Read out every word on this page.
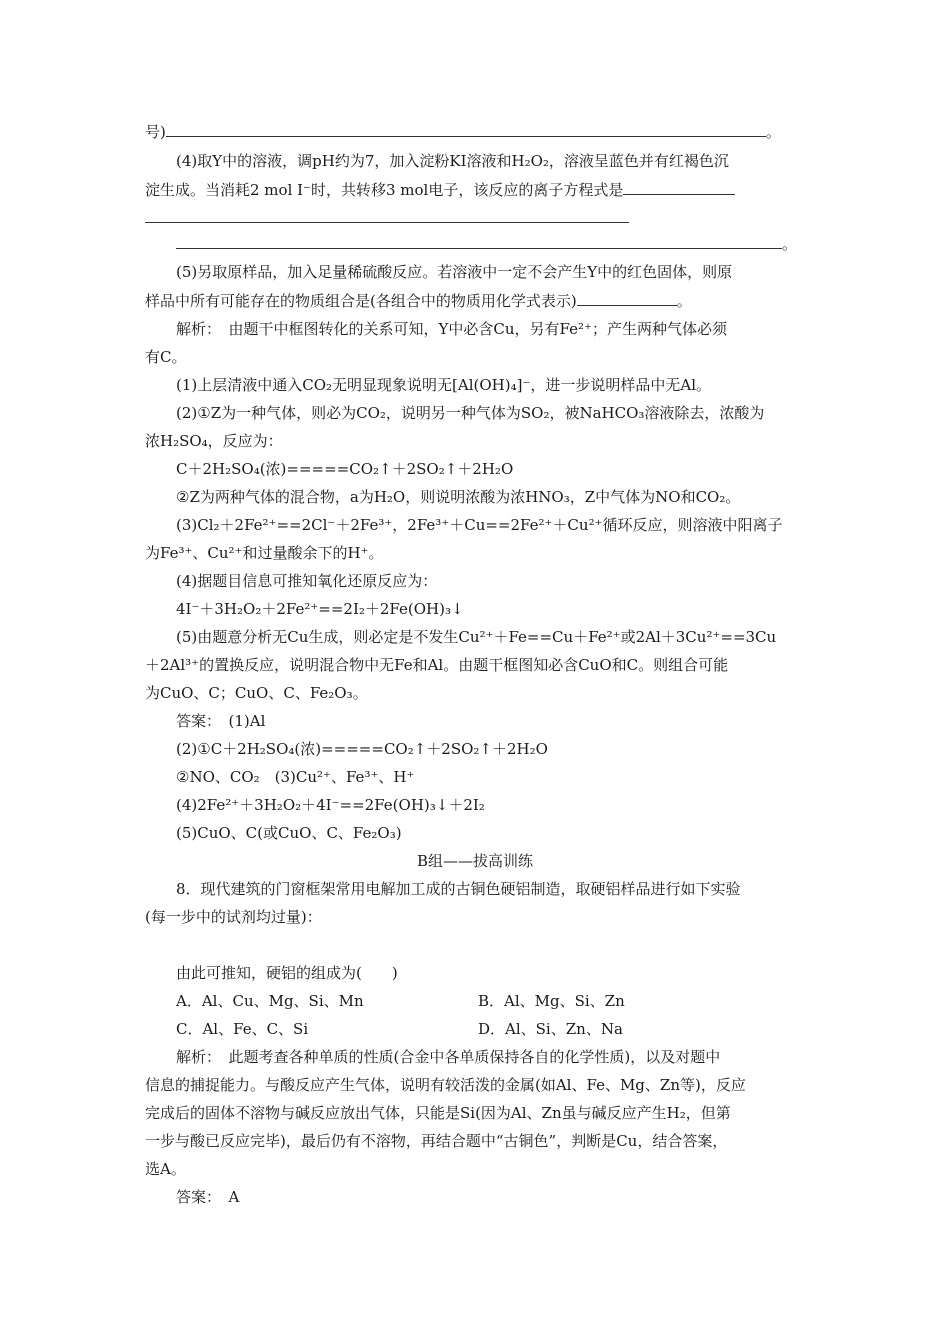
号)	。
(4)取Y中的溶液，调pH约为7，加入淀粉KI溶液和H₂O₂，溶液呈蓝色并有红褐色沉
淀生成。当消耗2 mol I⁻时，共转移3 mol电子，该反应的离子方程式是
。
(5)另取原样品，加入足量稀硫酸反应。若溶液中一定不会产生Y中的红色固体，则原
样品中所有可能存在的物质组合是(各组合中的物质用化学式表示)	。
解析：　由题干中框图转化的关系可知，Y中必含Cu，另有Fe²⁺；产生两种气体必须
有C。
(1)上层清液中通入CO₂无明显现象说明无[Al(OH)₄]⁻，进一步说明样品中无Al。
(2)①Z为一种气体，则必为CO₂，说明另一种气体为SO₂，被NaHCO₃溶液除去，浓酸为
浓H₂SO₄，反应为：
C＋2H₂SO₄(浓)=====CO₂↑＋2SO₂↑＋2H₂O
②Z为两种气体的混合物，a为H₂O，则说明浓酸为浓HNO₃，Z中气体为NO和CO₂。
(3)Cl₂＋2Fe²⁺==2Cl⁻＋2Fe³⁺，2Fe³⁺＋Cu==2Fe²⁺＋Cu²⁺循环反应，则溶液中阳离子
为Fe³⁺、Cu²⁺和过量酸余下的H⁺。
(4)据题目信息可推知氧化还原反应为：
4I⁻＋3H₂O₂＋2Fe²⁺==2I₂＋2Fe(OH)₃↓
(5)由题意分析无Cu生成，则必定是不发生Cu²⁺＋Fe==Cu＋Fe²⁺或2Al＋3Cu²⁺==3Cu
＋2Al³⁺的置换反应，说明混合物中无Fe和Al。由题干框图知必含CuO和C。则组合可能
为CuO、C；CuO、C、Fe₂O₃。
答案：　(1)Al
(2)①C＋2H₂SO₄(浓)=====CO₂↑＋2SO₂↑＋2H₂O
②NO、CO₂　(3)Cu²⁺、Fe³⁺、H⁺
(4)2Fe²⁺＋3H₂O₂＋4I⁻==2Fe(OH)₃↓＋2I₂
(5)CuO、C(或CuO、C、Fe₂O₃)
B组——拔高训练
8．现代建筑的门窗框架常用电解加工成的古铜色硬铝制造，取硬铝样品进行如下实验
(每一步中的试剂均过量)：
由此可推知，硬铝的组成为(　　)
A．Al、Cu、Mg、Si、Mn	B．Al、Mg、Si、Zn
C．Al、Fe、C、Si	D．Al、Si、Zn、Na
解析：　此题考查各种单质的性质(合金中各单质保持各自的化学性质)，以及对题中
信息的捕捉能力。与酸反应产生气体，说明有较活泼的金属(如Al、Fe、Mg、Zn等)，反应
完成后的固体不溶物与碱反应放出气体，只能是Si(因为Al、Zn虽与碱反应产生H₂，但第
一步与酸已反应完毕)，最后仍有不溶物，再结合题中“古铜色”，判断是Cu，结合答案，
选A。
答案：　A
